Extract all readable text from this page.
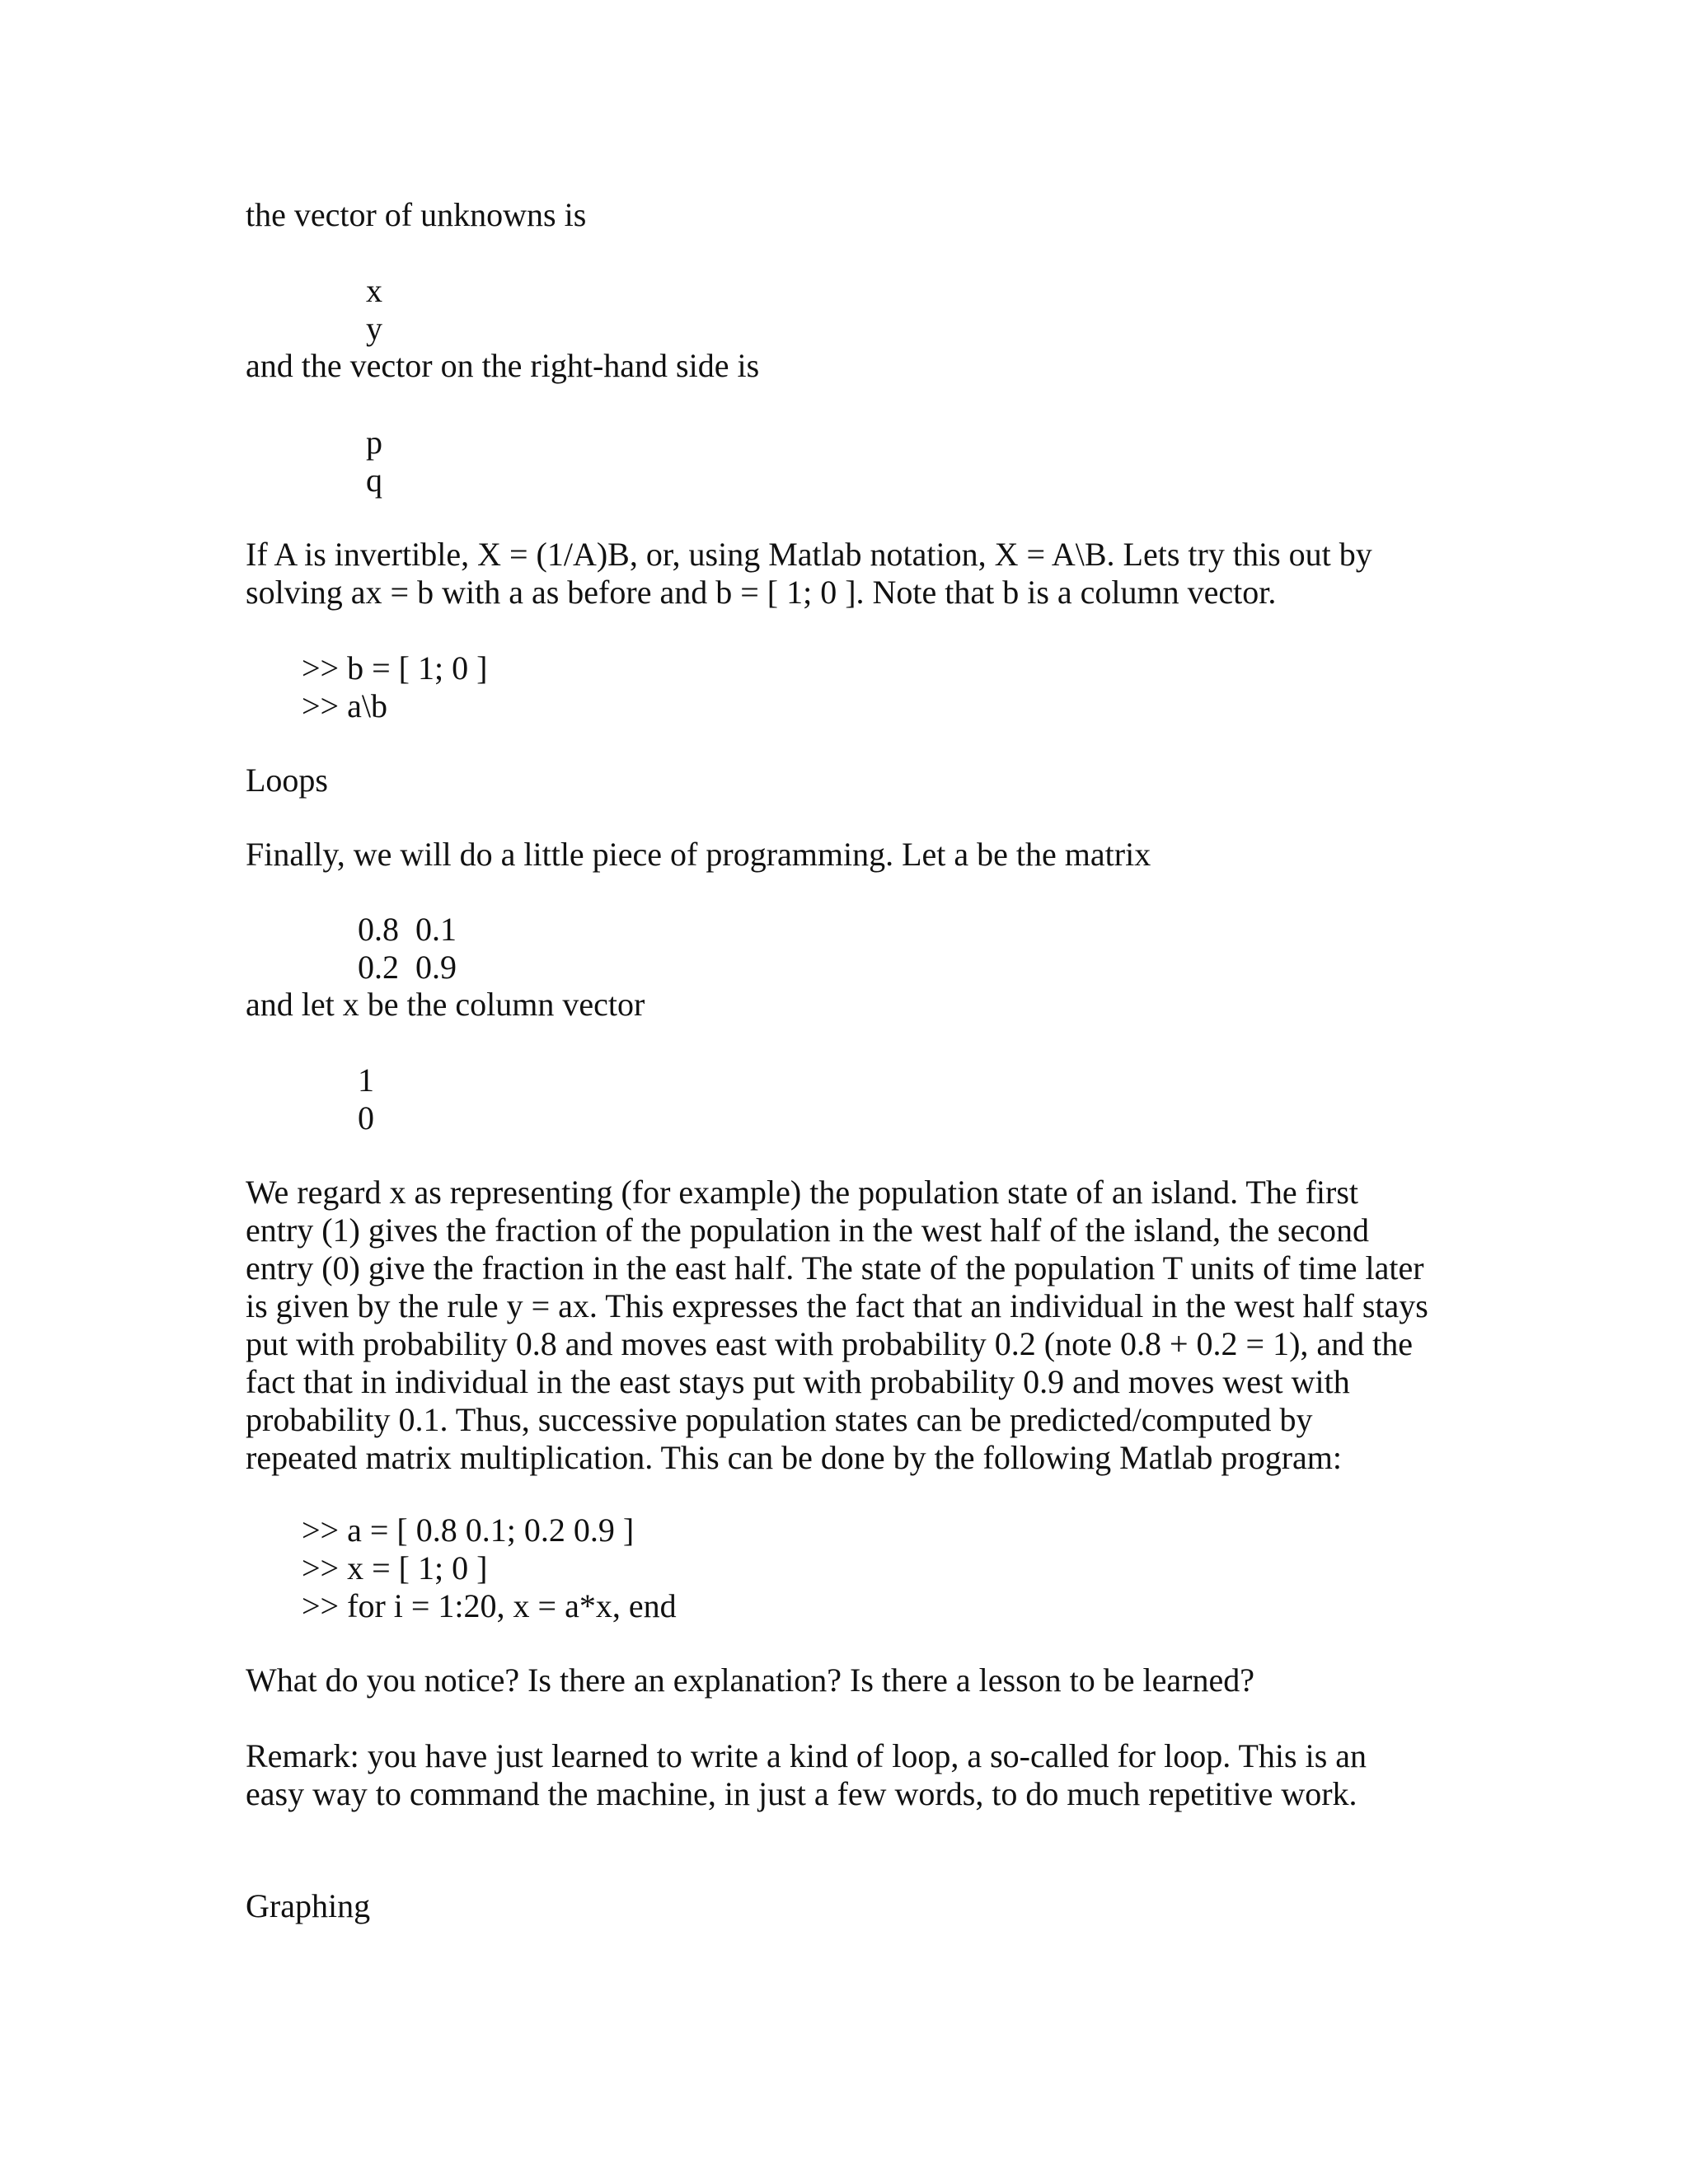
the vector of unknowns is
x
y
and the vector on the right-hand side is
p
q
If A is invertible, X = (1/A)B, or, using Matlab notation, X = A\B. Lets try this out by
solving ax = b with a as before and b = [ 1; 0 ]. Note that b is a column vector.
>> b = [ 1; 0 ]
>> a\b
Loops
Finally, we will do a little piece of programming. Let a be the matrix
0.8  0.1
0.2  0.9
and let x be the column vector
1
0
We regard x as representing (for example) the population state of an island. The first
entry (1) gives the fraction of the population in the west half of the island, the second
entry (0) give the fraction in the east half. The state of the population T units of time later
is given by the rule y = ax. This expresses the fact that an individual in the west half stays
put with probability 0.8 and moves east with probability 0.2 (note 0.8 + 0.2 = 1), and the
fact that in individual in the east stays put with probability 0.9 and moves west with
probability 0.1. Thus, successive population states can be predicted/computed by
repeated matrix multiplication. This can be done by the following Matlab program:
>> a = [ 0.8 0.1; 0.2 0.9 ]
>> x = [ 1; 0 ]
>> for i = 1:20, x = a*x, end
What do you notice? Is there an explanation? Is there a lesson to be learned?
Remark: you have just learned to write a kind of loop, a so-called for loop. This is an
easy way to command the machine, in just a few words, to do much repetitive work.
Graphing
